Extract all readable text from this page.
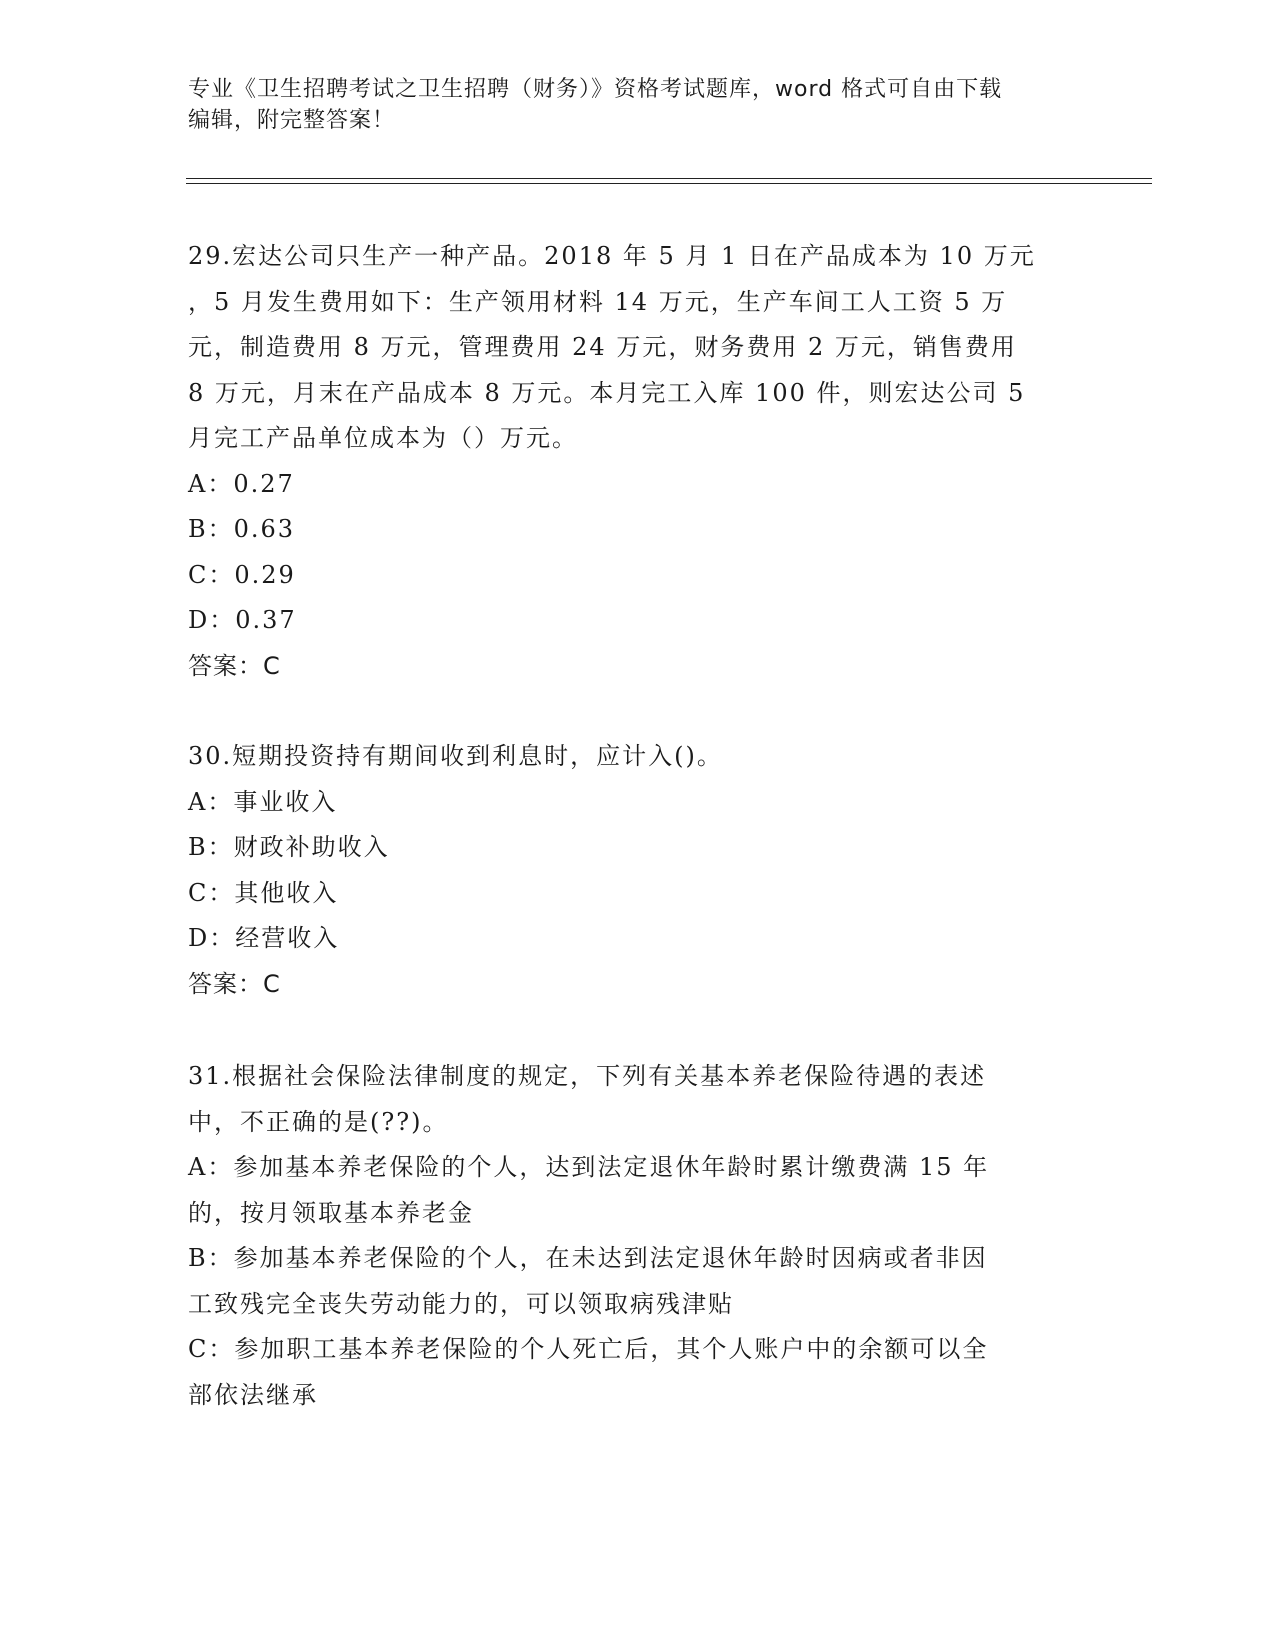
专业《卫生招聘考试之卫生招聘（财务）》资格考试题库，word 格式可自由下载
编辑，附完整答案！

29.宏达公司只生产一种产品。2018 年 5 月 1 日在产品成本为 10 万元

，5 月发生费用如下：生产领用材料 14 万元，生产车间工人工资 5 万

元，制造费用 8 万元，管理费用 24 万元，财务费用 2 万元，销售费用

8 万元，月末在产品成本 8 万元。本月完工入库 100 件，则宏达公司 5

月完工产品单位成本为（）万元。

A：0.27

B：0.63

C：0.29

D：0.37

答案：C

30.短期投资持有期间收到利息时，应计入()。

A：事业收入

B：财政补助收入

C：其他收入

D：经营收入

答案：C

31.根据社会保险法律制度的规定，下列有关基本养老保险待遇的表述

中，不正确的是(??)。

A：参加基本养老保险的个人，达到法定退休年龄时累计缴费满 15 年

的，按月领取基本养老金

B：参加基本养老保险的个人，在未达到法定退休年龄时因病或者非因

工致残完全丧失劳动能力的，可以领取病残津贴

C：参加职工基本养老保险的个人死亡后，其个人账户中的余额可以全

部依法继承
